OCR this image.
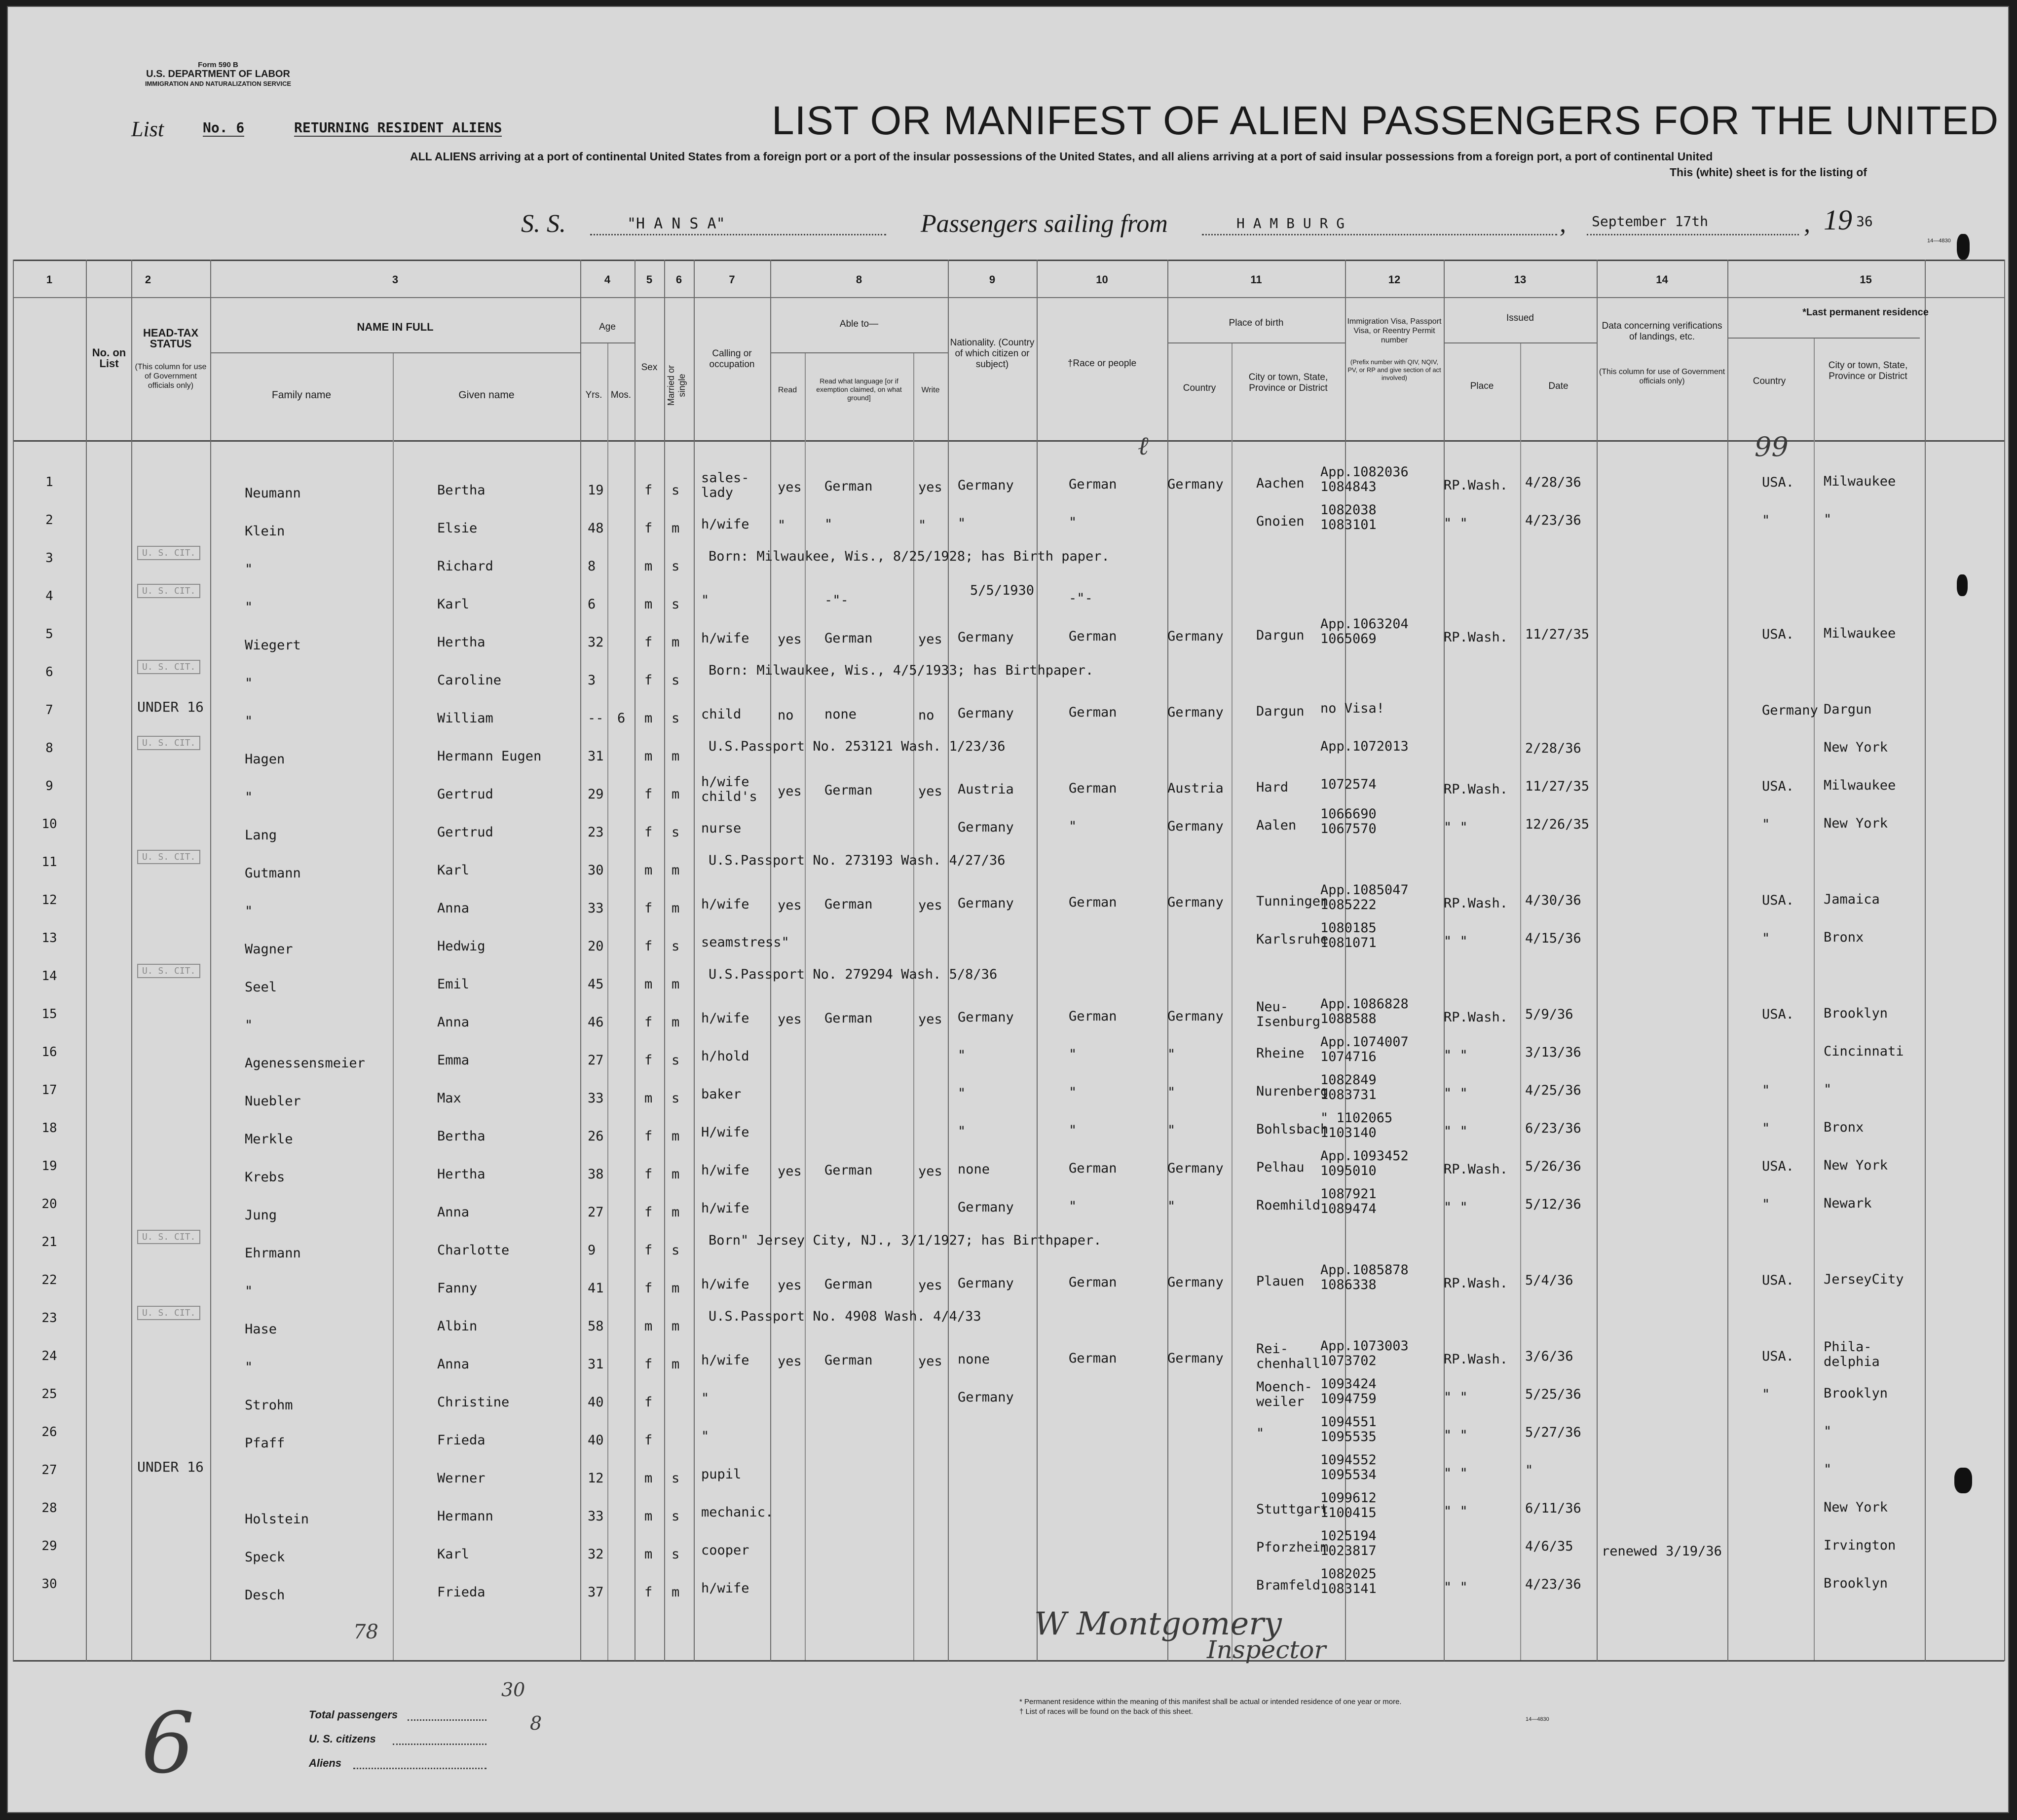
Form 590 B
U.S. DEPARTMENT OF LABOR
IMMIGRATION AND NATURALIZATION SERVICE
List	No. 6	RETURNING RESIDENT ALIENS	LIST OR MANIFEST OF ALIEN PASSENGERS FOR THE UNITED
ALL ALIENS arriving at a port of continental United States from a foreign port or a port of the insular possessions of the United States, and all aliens arriving at a port of said insular possessions from a foreign port, a port of continental United
This (white) sheet is for the listing of
S. S.	"H A N S A"	Passengers sailing from	H A M B U R G	, September 17th	, 19 36
14—4830
1	2	3	4	5	6	7	8	9	10	11	12	13	14	15
No. on List
HEAD-TAX STATUS
(This column for use of Government officials only)
NAME IN FULL
Family name	Given name
Age
Yrs. Mos.
Sex Married or single
Calling or occupation
Able to—
Read
Read what language [or if exemption claimed, on what ground]
Write
Nationality. (Country of which citizen or subject)	†Race or people
Place of birth
Country
City or town, State, Province or District
Immigration Visa, Passport Visa, or Reentry Permit number
(Prefix number with QIV, NQIV, PV, or RP and give section of act involved)
Issued
Place	Date
Data concerning verifications of landings, etc.
(This column for use of Government officials only)
*Last permanent residence
Country
City or town, State, Province or District
1
Neumann	Bertha	19	f s
sales-
lady	yes German	yes Germany	German	Germany Aachen
App.1082036
1084843	RP.Wash. 4/28/36	USA. Milwaukee
2
Klein	Elsie	48	f m h/wife "	"	" "	"	Gnoien
1082038
1083101	" "	4/23/36	"	"
3	U. S. CIT.
"	Richard	8	m s
Born: Milwaukee, Wis., 8/25/1928; has Birth paper.
4	U. S. CIT.
"	Karl	6	m s
5/5/1930
"	-"-	-"-
5
Wiegert	Hertha	32	f m h/wife yes German	yes Germany	German	Germany Dargun
App.1063204
1065069	RP.Wash. 11/27/35	USA. Milwaukee
6	U. S. CIT.
"	Caroline	3	f s
Born: Milwaukee, Wis., 4/5/1933; has Birthpaper.
7	UNDER 16
"	William	-- 6 m s child	no none	no Germany	German	Germany Dargun no Visa!	Germany Dargun
8	U. S. CIT.
Hagen	Hermann Eugen	31	m m
U.S.Passport No. 253121 Wash. 1/23/36	App.1072013	2/28/36	New York
9
"	Gertrud	29	f m
h/wife
child's yes German	yes Austria	German	Austria Hard 1072574	RP.Wash. 11/27/35	USA. Milwaukee
10
Lang	Gertrud	23	f s nurse	Germany	"	Germany Aalen
1066690
1067570	" "	12/26/35	"	New York
11	U. S. CIT.
Gutmann	Karl	30	m m
U.S.Passport No. 273193 Wash. 4/27/36
12
"	Anna	33	f m h/wife yes German	yes Germany	German	Germany Tunningen
App.1085047
1085222	RP.Wash. 4/30/36	USA. Jamaica
13
Wagner	Hedwig	20	f s seamstress"	Karlsruhe
1080185
1081071	" "	4/15/36	"	Bronx
14	U. S. CIT.
Seel	Emil	45	m m
U.S.Passport No. 279294 Wash. 5/8/36
15
"	Anna	46	f m h/wife yes German	yes Germany	German	Germany
Neu-
Isenburg
App.1086828
1088588	RP.Wash. 5/9/36	USA. Brooklyn
16
Agenessensmeier	Emma	27	f s h/hold	"	"	"	Rheine
App.1074007
1074716	" "	3/13/36	Cincinnati
17
Nuebler	Max	33	m s baker	"	"	"	Nurenberg
1082849
1083731	" "	4/25/36	"	"
18
Merkle	Bertha	26	f m H/wife	"	"	"	Bohlsbach
" 1102065
1103140	" "	6/23/36	"	Bronx
19
Krebs	Hertha	38	f m h/wife yes German	yes none	German	Germany Pelhau
App.1093452
1095010	RP.Wash. 5/26/36	USA. New York
20
Jung	Anna	27	f m h/wife	Germany	"	"	Roemhild
1087921
1089474	" "	5/12/36	"	Newark
21	U. S. CIT.
Ehrmann	Charlotte	9	f s
Born" Jersey City, NJ., 3/1/1927; has Birthpaper.
22
"	Fanny	41	f m h/wife yes German	yes Germany	German	Germany Plauen
App.1085878
1086338	RP.Wash. 5/4/36	USA. JerseyCity
23	U. S. CIT.
Hase	Albin	58	m m
U.S.Passport No. 4908 Wash. 4/4/33
24
"	Anna	31	f m h/wife yes German	yes none	German	Germany
Rei-
chenhall
App.1073003
1073702	RP.Wash. 3/6/36	USA.
Phila-
delphia
25
Strohm	Christine	40	f	"	Germany
Moench-
weiler
1093424
1094759	" "	5/25/36	"	Brooklyn
26
Pfaff	Frieda	40	f	"	"
1094551
1095535	" "	5/27/36	"
27	UNDER 16
Werner	12	m s pupil
1094552
1095534	" "	"	"
28
Holstein	Hermann	33	m s mechanic.	Stuttgart
1099612
1100415	" "	6/11/36	New York
29
Speck	Karl	32	m s cooper	Pforzheim
1025194
1023817	4/6/35 renewed 3/19/36	Irvington
30
Desch	Frieda	37	f m h/wife	Bramfeld
1082025
1083141	" "	4/23/36	Brooklyn
ℓ	99
W Montgomery
Inspector
78
6	Total passengers
30
U. S. citizens
8
Aliens
* Permanent residence within the meaning of this manifest shall be actual or intended residence of one year or more.
† List of races will be found on the back of this sheet.
14—4830
